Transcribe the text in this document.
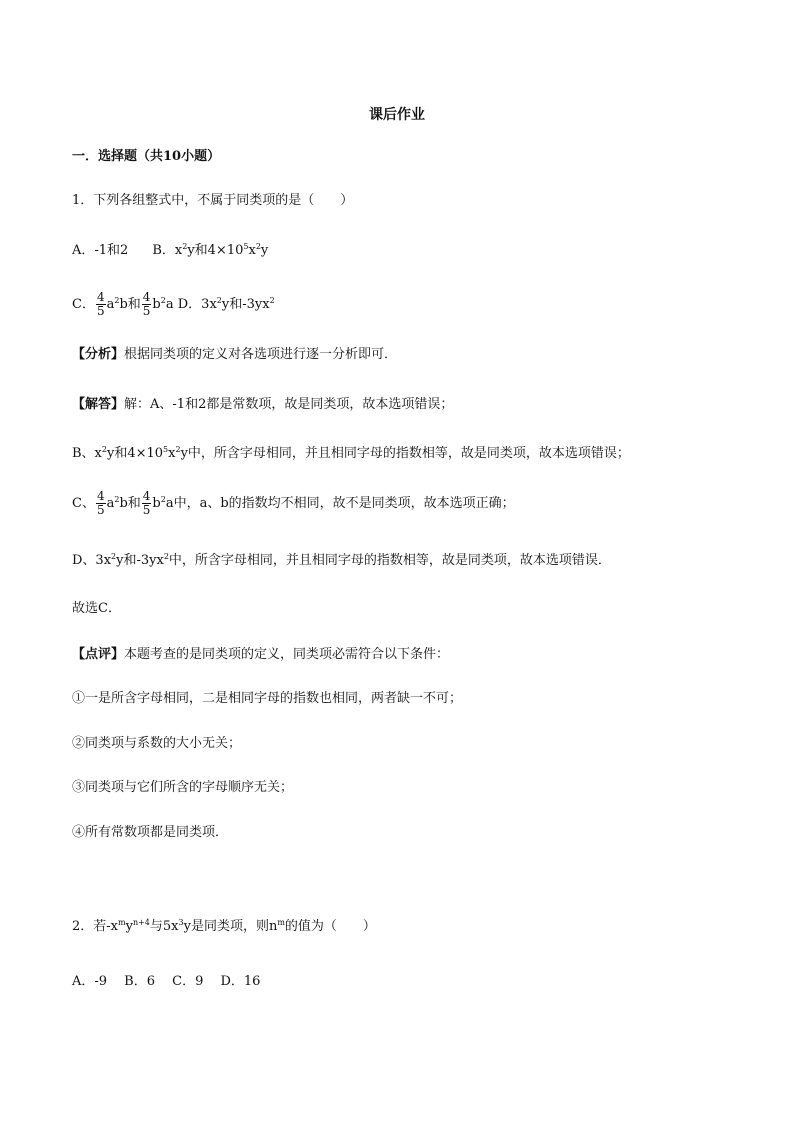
课后作业
一．选择题（共10小题）
1．下列各组整式中，不属于同类项的是（　　）
A．-1和2 B．$x^2y$和$4\times 10^5x^2y$
C． $\frac{4}{5} a^2b$和 $\frac{4}{5} b^2a$ D．$3x^2y$和$-3yx^2$
【分析】根据同类项的定义对各选项进行逐一分析即可．
【解答】解：A、-1和2都是常数项，故是同类项，故本选项错误；
B、$x^2y$和$4\times 10^5x^2y$中，所含字母相同，并且相同字母的指数相等，故是同类项，故本选项错误；
C、 $\frac{4}{5} a^2b$和 $\frac{4}{5} b^2a$中，a、b的指数均不相同，故不是同类项，故本选项正确；
D、$3x^2y$和$-3yx^2$中，所含字母相同，并且相同字母的指数相等，故是同类项，故本选项错误．
故选C．
【点评】本题考查的是同类项的定义，同类项必需符合以下条件：
①一是所含字母相同，二是相同字母的指数也相同，两者缺一不可；
②同类项与系数的大小无关；
③同类项与它们所含的字母顺序无关；
④所有常数项都是同类项．
2．若$-x^my^{n+4}$与$5x^3y$是同类项，则$n^m$的值为（　　）
A．-9　 B．6　 C．9　 D．16
